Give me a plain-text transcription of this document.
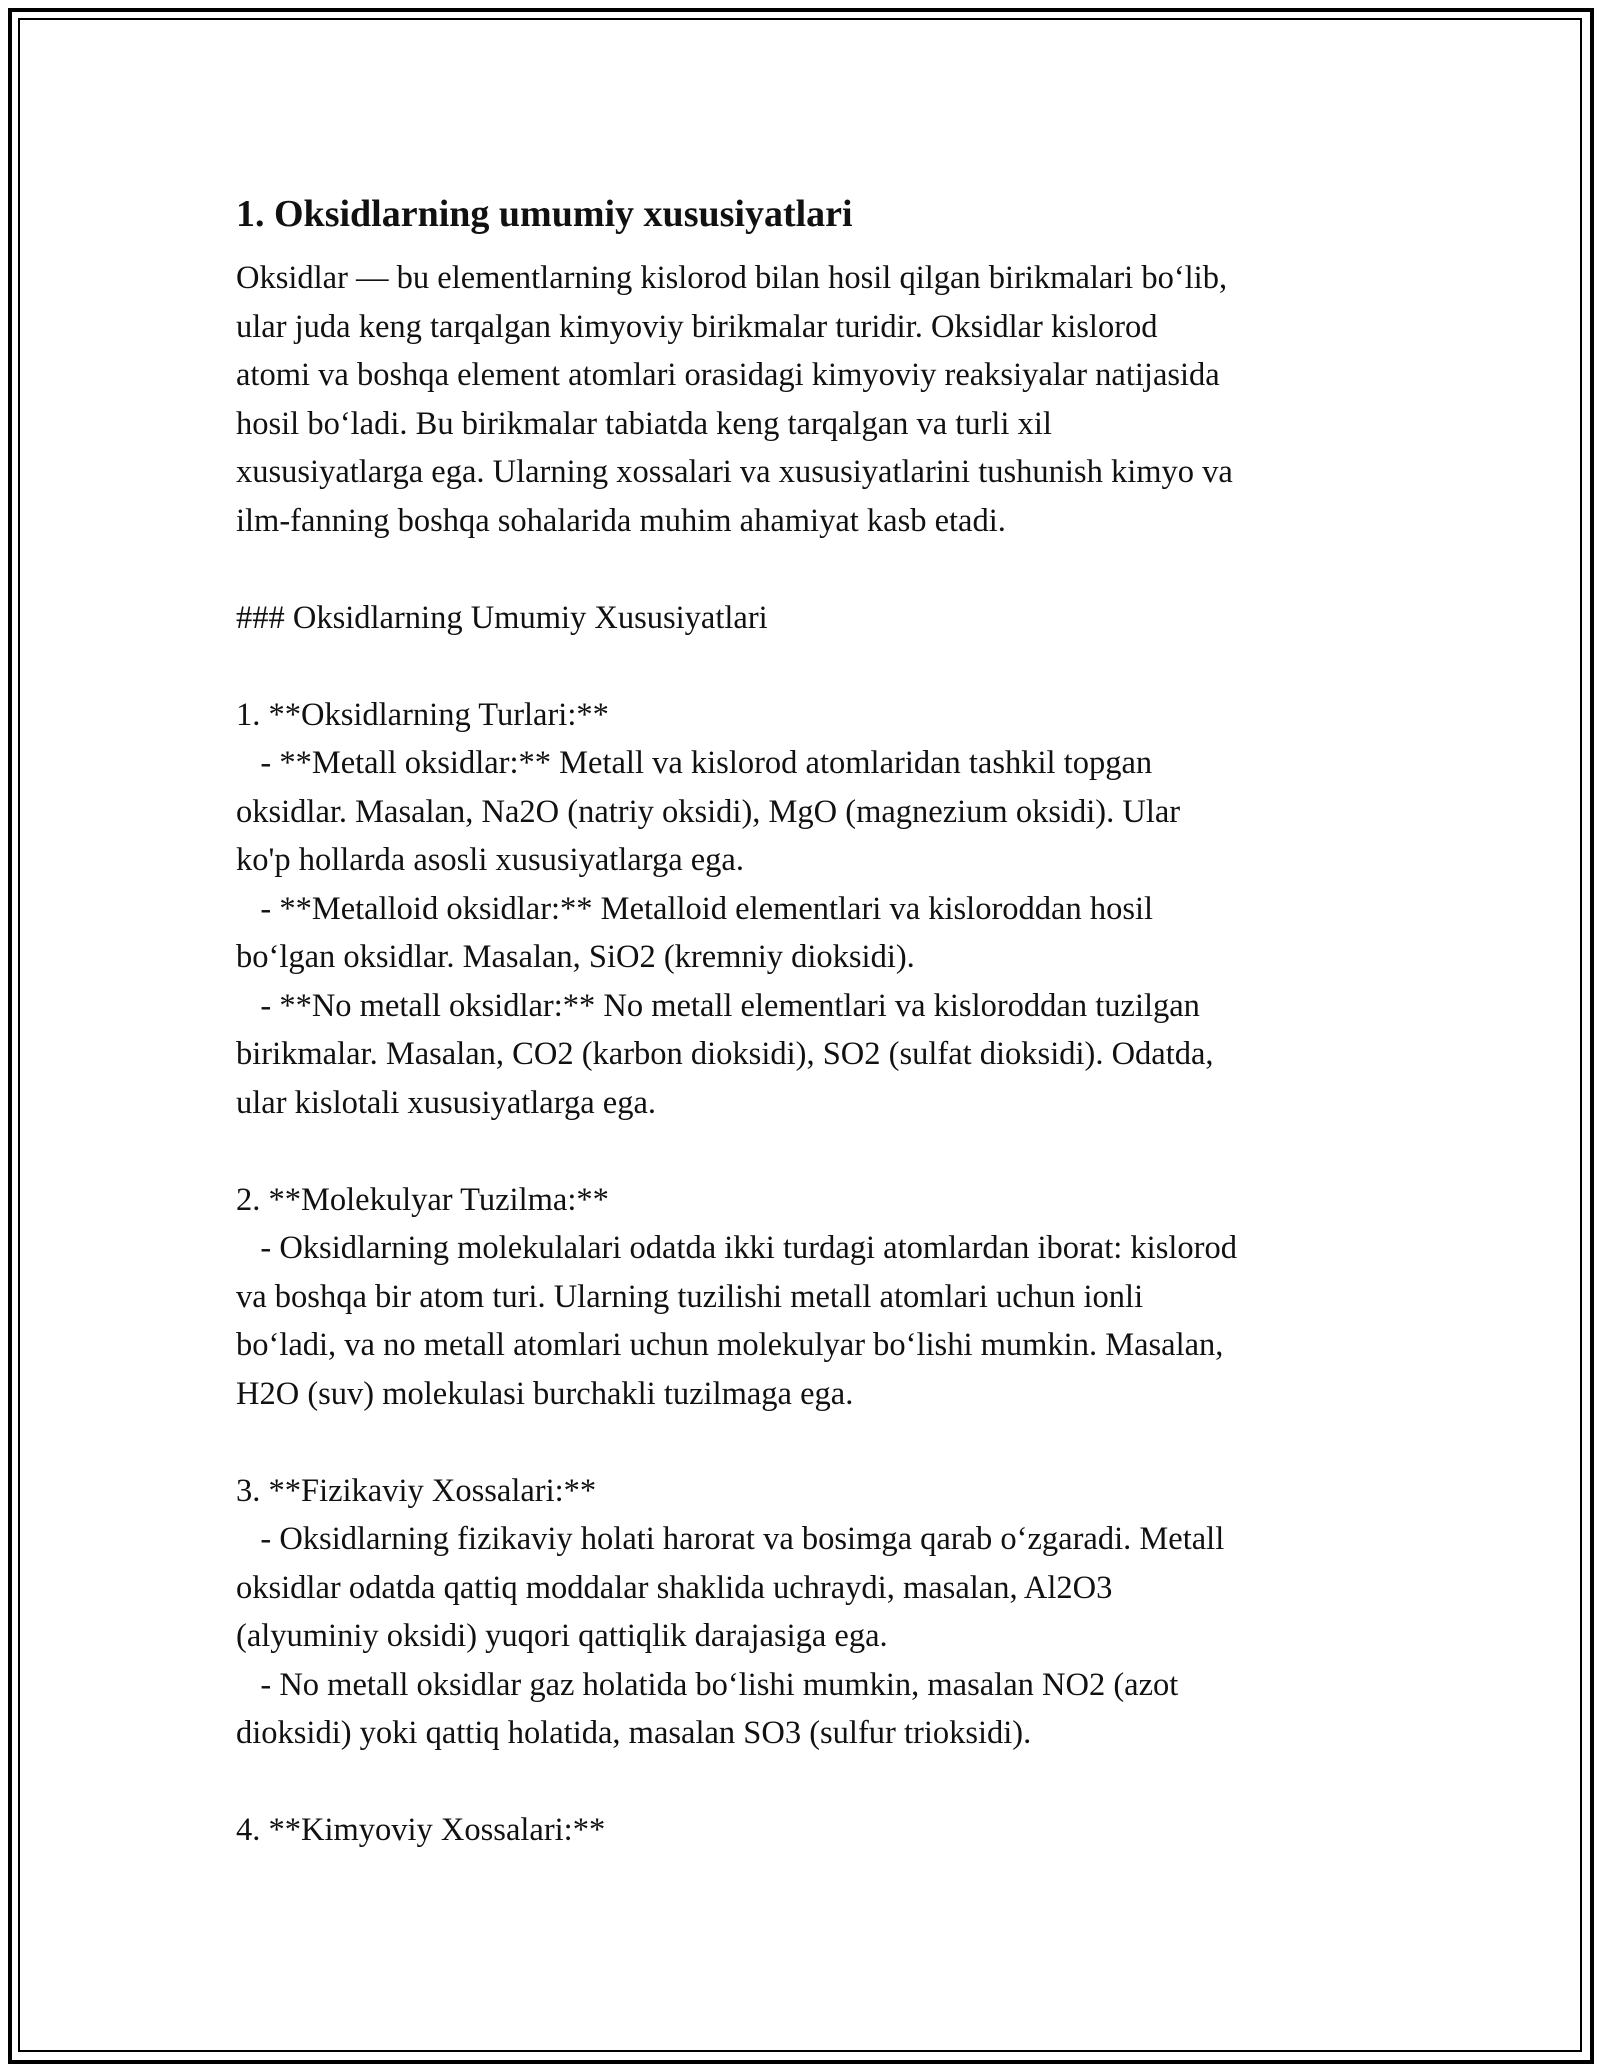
1. Oksidlarning umumiy xususiyatlari
Oksidlar — bu elementlarning kislorod bilan hosil qilgan birikmalari bo‘lib,
ular juda keng tarqalgan kimyoviy birikmalar turidir. Oksidlar kislorod
atomi va boshqa element atomlari orasidagi kimyoviy reaksiyalar natijasida
hosil bo‘ladi. Bu birikmalar tabiatda keng tarqalgan va turli xil
xususiyatlarga ega. Ularning xossalari va xususiyatlarini tushunish kimyo va
ilm-fanning boshqa sohalarida muhim ahamiyat kasb etadi.
### Oksidlarning Umumiy Xususiyatlari
1. **Oksidlarning Turlari:**
- **Metall oksidlar:** Metall va kislorod atomlaridan tashkil topgan
oksidlar. Masalan, Na2O (natriy oksidi), MgO (magnezium oksidi). Ular
ko'p hollarda asosli xususiyatlarga ega.
- **Metalloid oksidlar:** Metalloid elementlari va kisloroddan hosil
bo‘lgan oksidlar. Masalan, SiO2 (kremniy dioksidi).
- **No metall oksidlar:** No metall elementlari va kisloroddan tuzilgan
birikmalar. Masalan, CO2 (karbon dioksidi), SO2 (sulfat dioksidi). Odatda,
ular kislotali xususiyatlarga ega.
2. **Molekulyar Tuzilma:**
- Oksidlarning molekulalari odatda ikki turdagi atomlardan iborat: kislorod
va boshqa bir atom turi. Ularning tuzilishi metall atomlari uchun ionli
bo‘ladi, va no metall atomlari uchun molekulyar bo‘lishi mumkin. Masalan,
H2O (suv) molekulasi burchakli tuzilmaga ega.
3. **Fizikaviy Xossalari:**
- Oksidlarning fizikaviy holati harorat va bosimga qarab o‘zgaradi. Metall
oksidlar odatda qattiq moddalar shaklida uchraydi, masalan, Al2O3
(alyuminiy oksidi) yuqori qattiqlik darajasiga ega.
- No metall oksidlar gaz holatida bo‘lishi mumkin, masalan NO2 (azot
dioksidi) yoki qattiq holatida, masalan SO3 (sulfur trioksidi).
4. **Kimyoviy Xossalari:**
